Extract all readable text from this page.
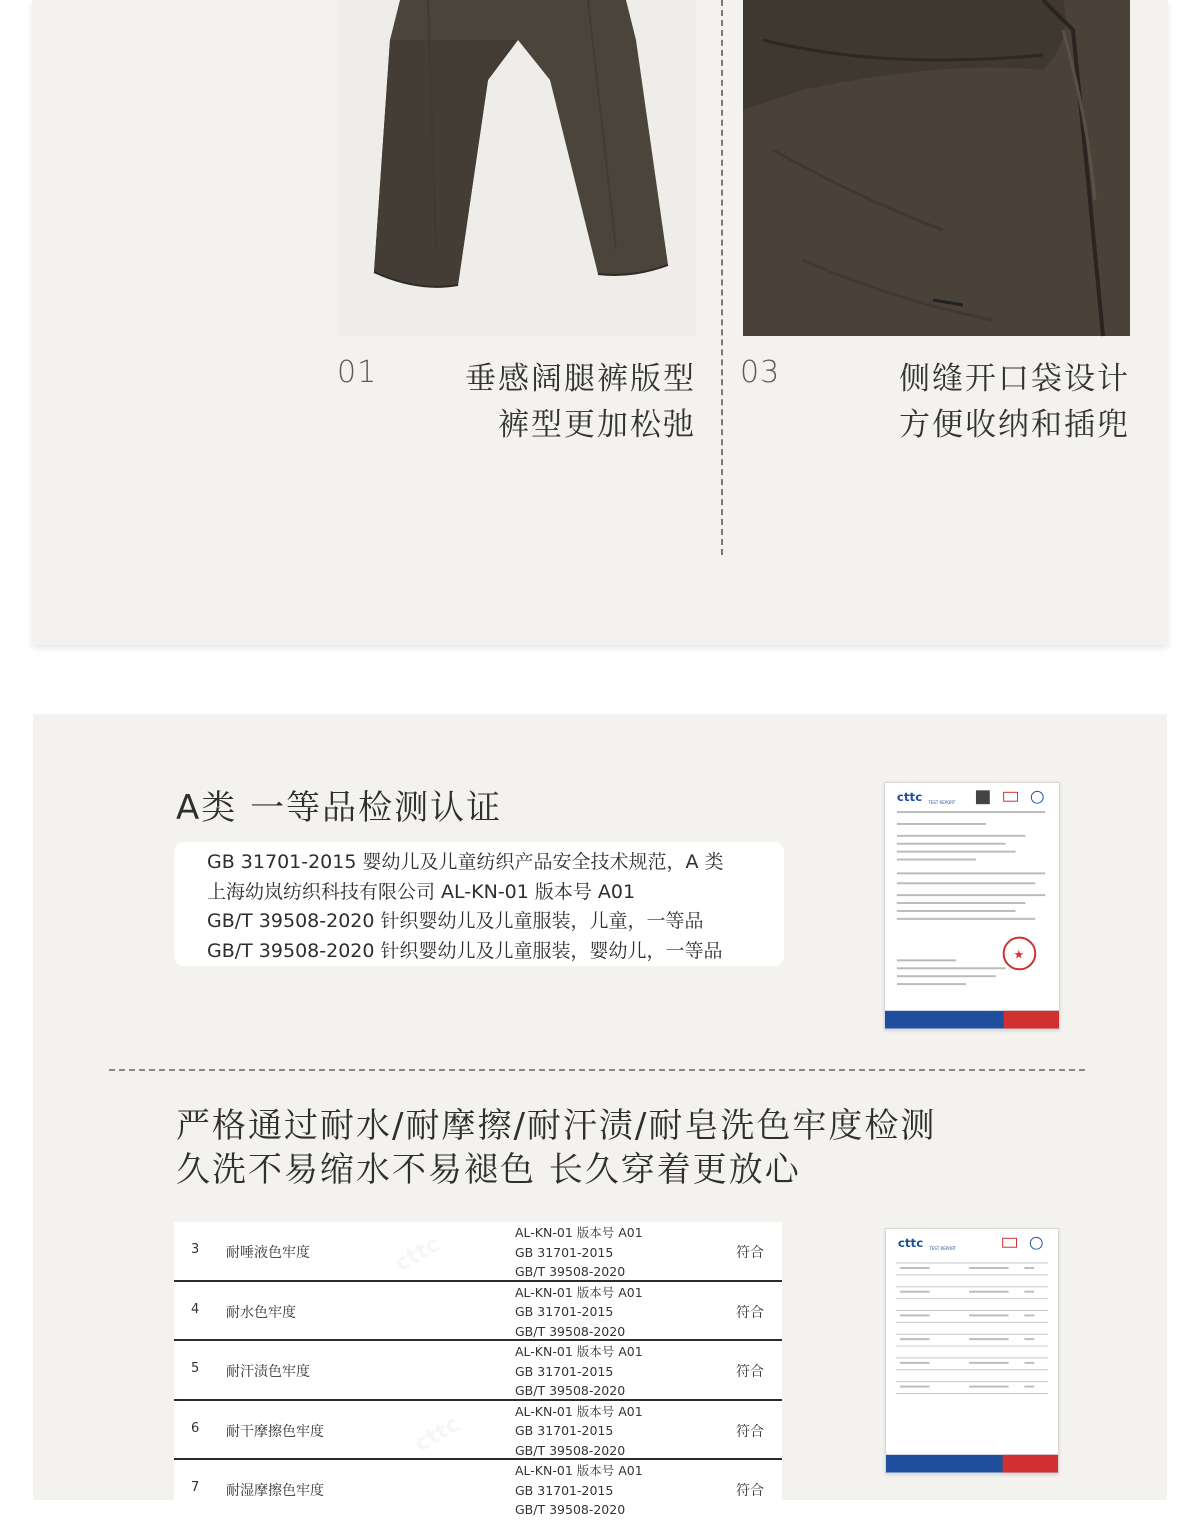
01	垂感阔腿裤版型
裤型更加松弛
03	侧缝开口袋设计
方便收纳和插兜
A类 一等品检测认证
GB 31701-2015 婴幼儿及儿童纺织产品安全技术规范，A 类
上海幼岚纺织科技有限公司 AL-KN-01 版本号 A01
GB/T 39508-2020 针织婴幼儿及儿童服装，儿童，一等品
GB/T 39508-2020 针织婴幼儿及儿童服装，婴幼儿，一等品
cttc TEST REPORT
★
严格通过耐水/耐摩擦/耐汗渍/耐皂洗色牢度检测
久洗不易缩水不易褪色 长久穿着更放心
3 耐唾液色牢度
AL-KN-01 版本号 A01
GB 31701-2015
GB/T 39508-2020
符合
4 耐水色牢度
AL-KN-01 版本号 A01
GB 31701-2015
GB/T 39508-2020
符合
5 耐汗渍色牢度
AL-KN-01 版本号 A01
GB 31701-2015
GB/T 39508-2020
符合
6 耐干摩擦色牢度
AL-KN-01 版本号 A01
GB 31701-2015
GB/T 39508-2020
符合
7 耐湿摩擦色牢度
AL-KN-01 版本号 A01
GB 31701-2015
GB/T 39508-2020
符合
cttc TEST REPORT
